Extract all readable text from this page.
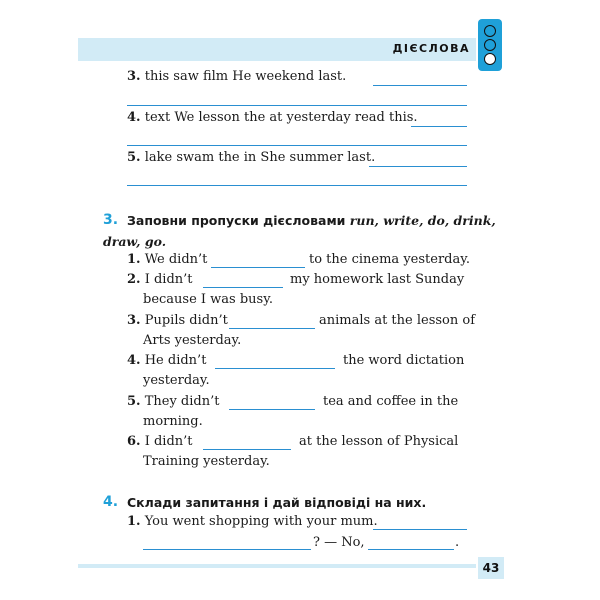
ДІЄСЛОВА
3. this saw film He weekend last.
4. text We lesson the at yesterday read this.
5. lake swam the in She summer last.
3. Заповни пропуски дієсловами run, write, do, drink,
draw, go.
1. We didn’t	to the cinema yesterday.
2. I didn’t	my homework last Sunday
because I was busy.
3. Pupils didn’t	animals at the lesson of
Arts yesterday.
4. He didn’t	the word dictation
yesterday.
5. They didn’t	tea and coffee in the
morning.
6. I didn’t	at the lesson of Physical
Training yesterday.
4. Склади запитання і дай відповіді на них.
1. You went shopping with your mum.
? — No,	.
43
